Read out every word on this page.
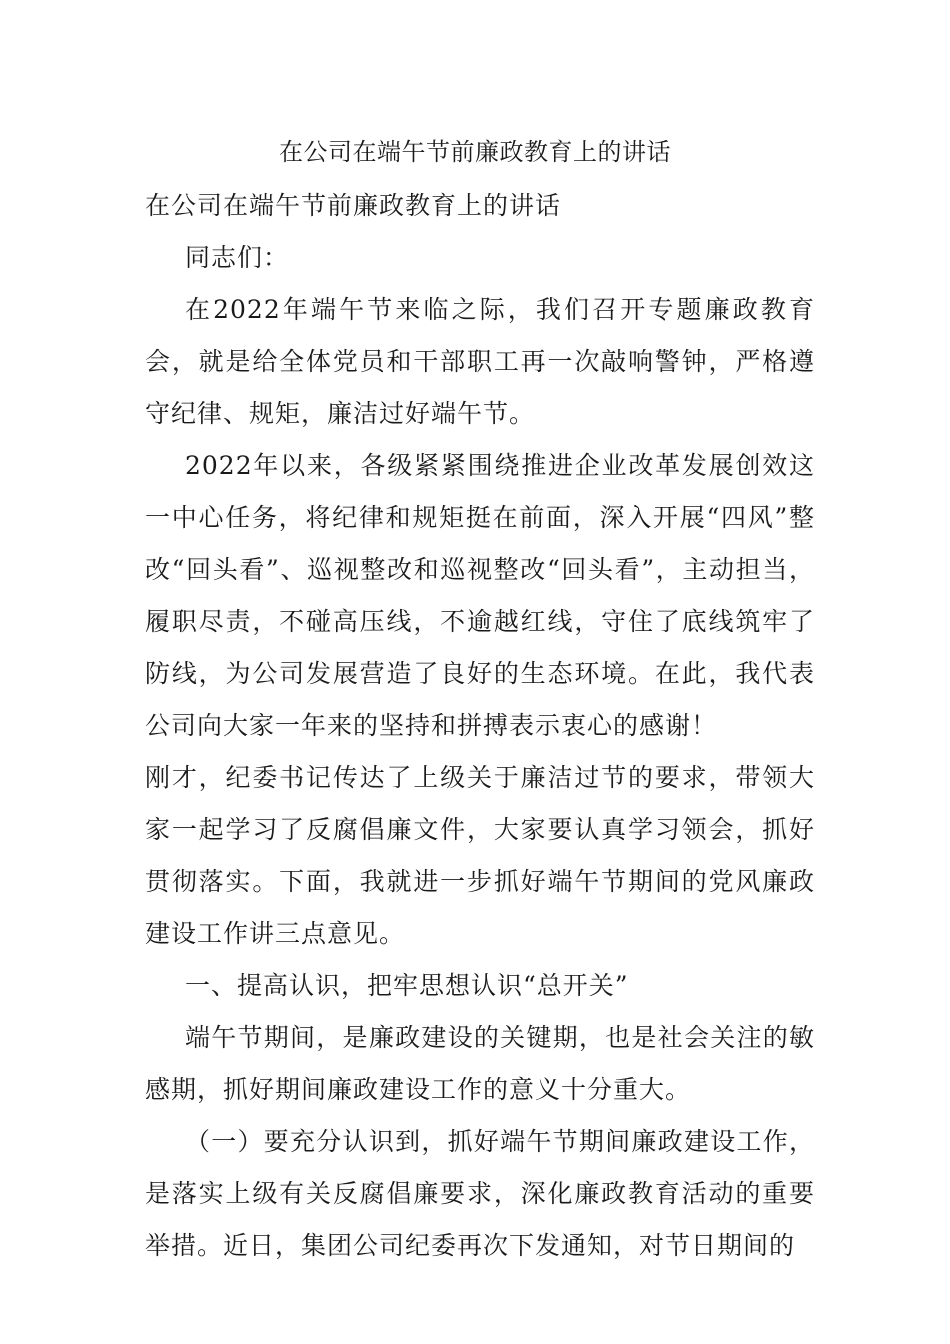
在公司在端午节前廉政教育上的讲话

在公司在端午节前廉政教育上的讲话

同志们：

在2022年端午节来临之际，我们召开专题廉政教育会，就是给全体党员和干部职工再一次敲响警钟，严格遵守纪律、规矩，廉洁过好端午节。

2022年以来，各级紧紧围绕推进企业改革发展创效这一中心任务，将纪律和规矩挺在前面，深入开展“四风”整改“回头看”、巡视整改和巡视整改“回头看”，主动担当，履职尽责，不碰高压线，不逾越红线，守住了底线筑牢了防线，为公司发展营造了良好的生态环境。在此，我代表公司向大家一年来的坚持和拼搏表示衷心的感谢！

刚才，纪委书记传达了上级关于廉洁过节的要求，带领大家一起学习了反腐倡廉文件，大家要认真学习领会，抓好贯彻落实。下面，我就进一步抓好端午节期间的党风廉政建设工作讲三点意见。

一、提高认识，把牢思想认识“总开关”

端午节期间，是廉政建设的关键期，也是社会关注的敏感期，抓好期间廉政建设工作的意义十分重大。

（一）要充分认识到，抓好端午节期间廉政建设工作，是落实上级有关反腐倡廉要求，深化廉政教育活动的重要举措。近日，集团公司纪委再次下发通知，对节日期间的
